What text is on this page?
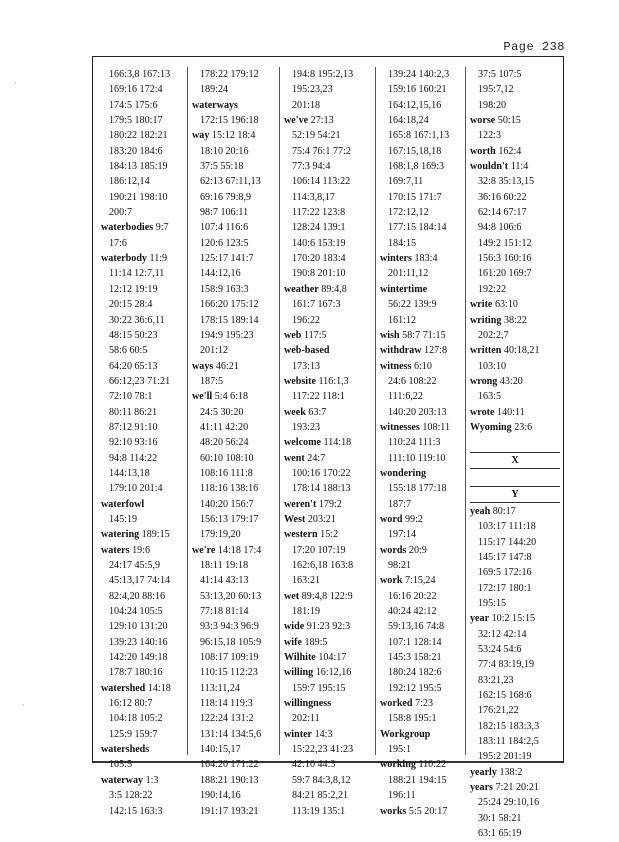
Page 238
166:3,8 167:13
169:16 172:4
174:5 175:6
179:5 180:17
180:22 182:21
183:20 184:6
184:13 185:19
186:12,14
190:21 198:10
200:7
waterbodies 9:7
17:6
waterbody 11:9
11:14 12:7,11
12:12 19:19
20:15 28:4
30:22 36:6,11
48:15 50:23
58:6 60:5
64:20 65:13
66:12,23 71:21
72:10 78:1
80:11 86:21
87:12 91:10
92:10 93:16
94:8 114:22
144:13,18
179:10 201:4
waterfowl
145:19
watering 189:15
waters 19:6
24:17 45:5,9
45:13,17 74:14
82:4,20 88:16
104:24 105:5
129:10 131:20
139:23 140:16
142:20 149:18
178:7 180:16
watershed 14:18
16:12 80:7
104:18 105:2
125:9 159:7
watersheds
105:5
waterway 1:3
3:5 128:22
142:15 163:3
178:22 179:12
189:24
waterways
172:15 196:18
way 15:12 18:4
18:10 20:16
37:5 55:18
62:13 67:11,13
69:16 79:8,9
98:7 106:11
107:4 116:6
120:6 123:5
125:17 141:7
144:12,16
158:9 163:3
166:20 175:12
178:15 189:14
194:9 195:23
201:12
ways 46:21
187:5
we'll 5:4 6:18
24:5 30:20
41:11 42:20
48:20 56:24
60:10 108:10
108:16 111:8
118:16 138:16
140:20 156:7
156:13 179:17
179:19,20
we're 14:18 17:4
18:11 19:18
41:14 43:13
53:13,20 60:13
77:18 81:14
93:3 94:3 96:9
96:15,18 105:9
108:17 109:19
110:15 112:23
113:11,24
118:14 119:3
122:24 131:2
131:14 134:5,6
140:15,17
164:20 171:22
188:21 190:13
190:14,16
191:17 193:21
194:8 195:2,13
195:23,23
201:18
we've 27:13
52:19 54:21
75:4 76:1 77:2
77:3 94:4
106:14 113:22
114:3,8,17
117:22 123:8
128:24 139:1
140:6 153:19
170:20 183:4
190:8 201:10
weather 89:4,8
161:7 167:3
196:22
web 117:5
web-based
173:13
website 116:1,3
117:22 118:1
week 63:7
193:23
welcome 114:18
went 24:7
100:16 170:22
178:14 188:13
weren't 179:2
West 203:21
western 15:2
17:20 107:19
162:6,18 163:8
163:21
wet 89:4,8 122:9
181:19
wide 91:23 92:3
wife 189:5
Wilhite 104:17
willing 16:12,16
159:7 195:15
willingness
202:11
winter 14:3
15:22,23 41:23
42:10 44:3
59:7 84:3,8,12
84:21 85:2,21
113:19 135:1
139:24 140:2,3
159:16 160:21
164:12,15,16
164:18,24
165:8 167:1,13
167:15,18,18
168:1,8 169:3
169:7,11
170:15 171:7
172:12,12
177:15 184:14
184:15
winters 183:4
201:11,12
wintertime
56:22 139:9
161:12
wish 58:7 71:15
withdraw 127:8
witness 6:10
24:6 108:22
111:6,22
140:20 203:13
witnesses 108:11
110:24 111:3
111:10 119:10
wondering
155:18 177:18
187:7
word 99:2
197:14
words 20:9
98:21
work 7:15,24
16:16 20:22
40:24 42:12
59:13,16 74:8
107:1 128:14
145:3 158:21
180:24 182:6
192:12 195:5
worked 7:23
158:8 195:1
Workgroup
195:1
working 110:22
188:21 194:15
196:11
works 5:5 20:17
37:5 107:5
195:7,12
198:20
worse 50:15
122:3
worth 162:4
wouldn't 11:4
32:8 35:13,15
36:16 60:22
62:14 67:17
94:8 106:6
149:2 151:12
156:3 160:16
161:20 169:7
192:22
write 63:10
writing 38:22
202:2,7
written 40:18,21
103:10
wrong 43:20
163:5
wrote 140:11
Wyoming 23:6

X

Y
yeah 80:17
103:17 111:18
115:17 144:20
145:17 147:8
169:5 172:16
172:17 180:1
195:15
year 10:2 15:15
32:12 42:14
53:24 54:6
77:4 83:19,19
83:21,23
162:15 168:6
176:21,22
182:15 183:3,3
183:11 184:2,5
195:2 201:19
yearly 138:2
years 7:21 20:21
25:24 29:10,16
30:1 58:21
63:1 65:19
·
·
